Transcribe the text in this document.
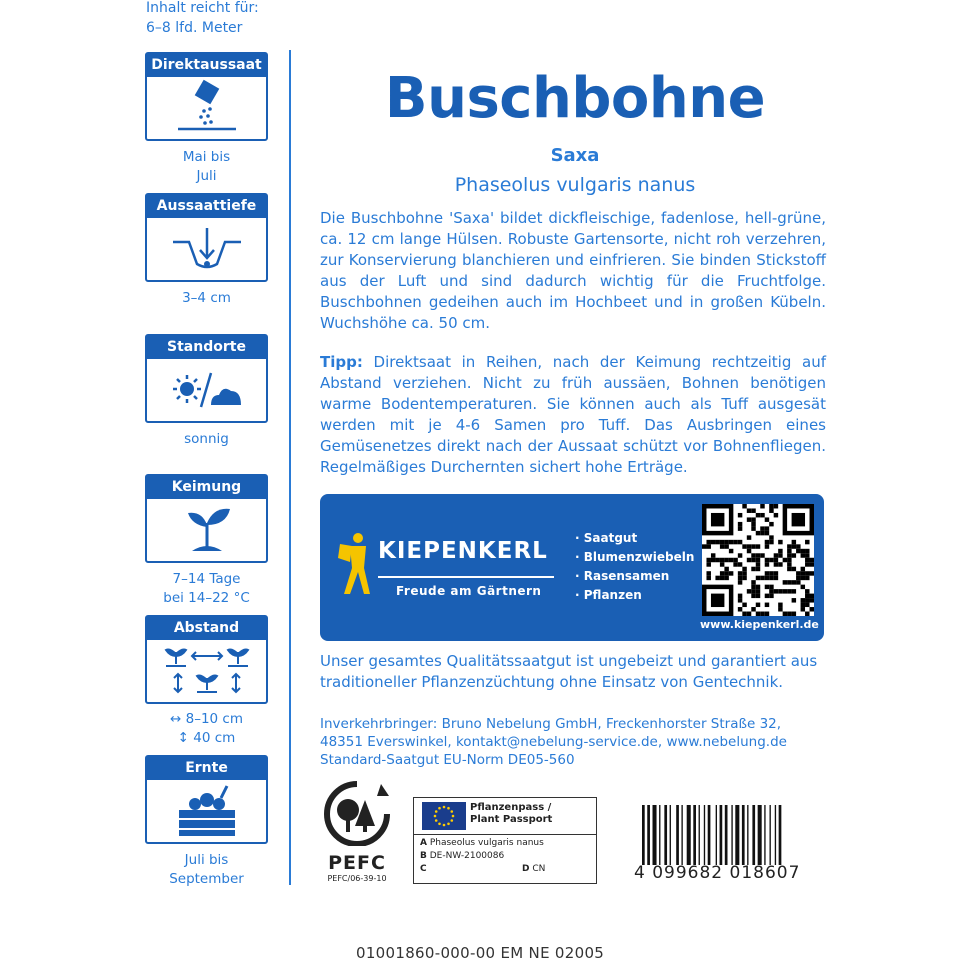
Inhalt reicht für:
6–8 lfd. Meter
Direktaussaat
Mai bis
Juli
Aussaattiefe
3–4 cm
Standorte
sonnig
Keimung
7–14 Tage
bei 14–22 °C
Abstand
↔ 8–10 cm
↕ 40 cm
Ernte
Juli bis
September
Buschbohne
Saxa
Phaseolus vulgaris nanus

Die Buschbohne 'Saxa' bildet dickfleischige, fadenlose, hell-grüne, ca. 12 cm lange Hülsen. Robuste Gartensorte, nicht roh verzehren, zur Konservierung blanchieren und einfrieren. Sie binden Stickstoff aus der Luft und sind dadurch wichtig für die Fruchtfolge. Buschbohnen gedeihen auch im Hochbeet und in großen Kübeln. Wuchshöhe ca. 50 cm.

Tipp: Direktsaat in Reihen, nach der Keimung rechtzeitig auf Abstand verziehen. Nicht zu früh aussäen, Bohnen benötigen warme Bodentemperaturen. Sie können auch als Tuff ausgesät werden mit je 4-6 Samen pro Tuff. Das Ausbringen eines Gemüsenetzes direkt nach der Aussaat schützt vor Bohnenfliegen. Regelmäßiges Durchernten sichert hohe Erträge.

KIEPENKERL
Freude am Gärtnern
· Saatgut
· Blumenzwiebeln
· Rasensamen
· Pflanzen
www.kiepenkerl.de

Unser gesamtes Qualitätssaatgut ist ungebeizt und garantiert aus traditioneller Pflanzenzüchtung ohne Einsatz von Gentechnik.

Inverkehrbringer: Bruno Nebelung GmbH, Freckenhorster Straße 32,
48351 Everswinkel, kontakt@nebelung-service.de, www.nebelung.de
Standard-Saatgut EU-Norm DE05-560
PEFC
PEFC/06-39-10
Pflanzenpass /
Plant Passport
A Phaseolus vulgaris nanus
B DE-NW-2100086
C	D CN	4 099682 018607
01001860-000-00 EM NE 02005
